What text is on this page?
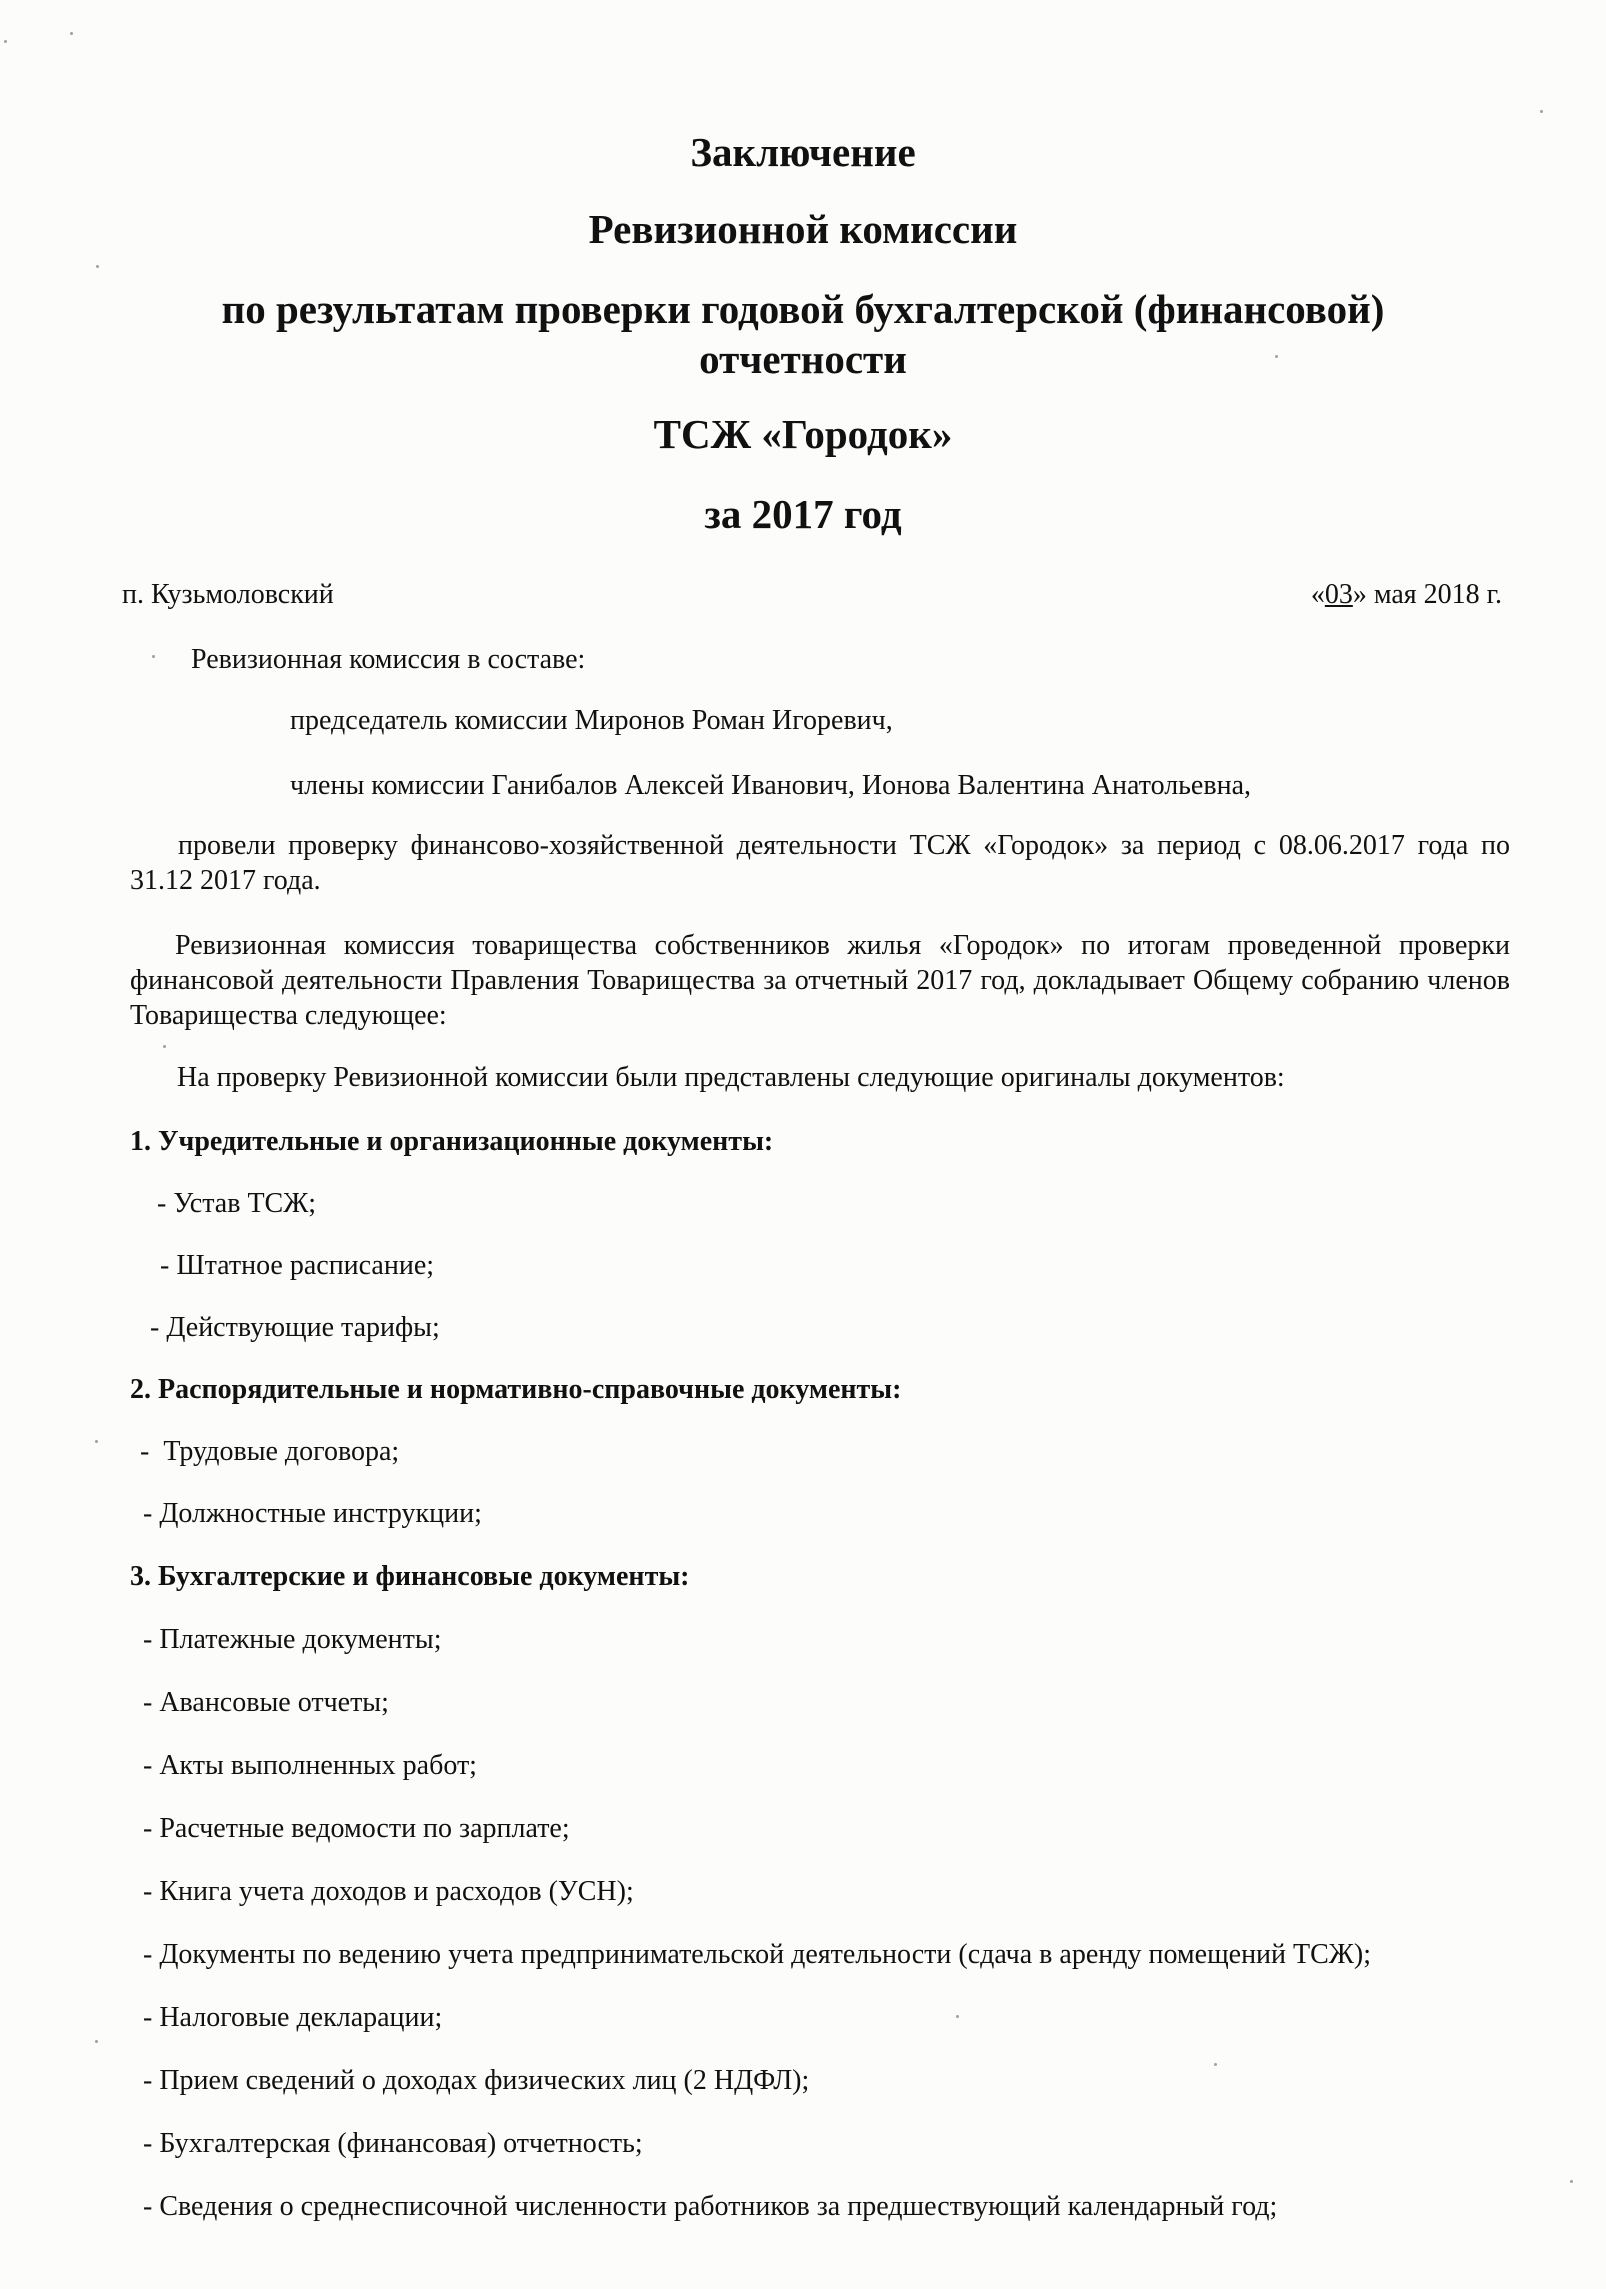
Заключение

Ревизионной комиссии

по результатам проверки годовой бухгалтерской (финансовой)

отчетности

ТСЖ «Городок»

за 2017 год

п. Кузьмоловский	«03» мая 2018 г.

Ревизионная комиссия в составе:

председатель комиссии Миронов Роман Игоревич,

члены комиссии Ганибалов Алексей Иванович, Ионова Валентина Анатольевна,

провели проверку финансово-хозяйственной деятельности ТСЖ «Городок» за период с 08.06.2017 года по 31.12 2017 года.

Ревизионная комиссия товарищества собственников жилья «Городок» по итогам проведенной проверки финансовой деятельности Правления Товарищества за отчетный 2017 год, докладывает Общему собранию членов Товарищества следующее:

На проверку Ревизионной комиссии были представлены следующие оригиналы документов:

1. Учредительные и организационные документы:

- Устав ТСЖ;

- Штатное расписание;

- Действующие тарифы;

2. Распорядительные и нормативно-справочные документы:

-  Трудовые договора;

- Должностные инструкции;

3. Бухгалтерские и финансовые документы:

- Платежные документы;

- Авансовые отчеты;

- Акты выполненных работ;

- Расчетные ведомости по зарплате;

- Книга учета доходов и расходов (УСН);

- Документы по ведению учета предпринимательской деятельности (сдача в аренду помещений ТСЖ);

- Налоговые декларации;

- Прием сведений о доходах физических лиц (2 НДФЛ);

- Бухгалтерская (финансовая) отчетность;

- Сведения о среднесписочной численности работников за предшествующий календарный год;
